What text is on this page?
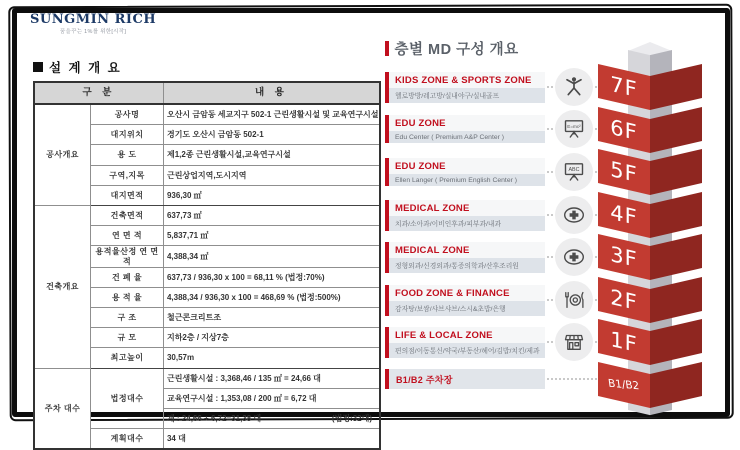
SUNGMIN RICH
꿈을꾸는 1%를 위한[시작]
설 계 개 요
구 분		내 용
공사개요	공사명	오산시 금암동 세교지구 502-1 근린생활시설 및 교육연구시설
	대지위치	경기도 오산시 금암동 502-1
	용 도	제1,2종 근린생활시설,교육연구시설
	구역,지목	근린상업지역,도시지역
	대지면적	936,30 ㎡
건축개요	건축면적	637,73 ㎡
	연 면 적	5,837,71 ㎡
	용적율산정 연 면 적	4,388,34 ㎡
	건 폐 율	637,73 / 936,30 x 100 = 68,11 % (법정:70%)
	용 적 율	4,388,34 / 936,30 x 100 = 468,69 % (법정:500%)
	구 조	철근콘크리트조
	규 모	지하2층 / 지상7층
	최고높이	30,57m
주차 대수	법정대수	근린생활시설 : 3,368,46 / 135 ㎡ = 24,66 대
		교육연구시설 : 1,353,08 / 200 ㎡ = 6,72 대
		계 : 24,66 + 6,72=31,38 대 (법정:32대)

	계획대수	34 대
층별 MD 구성 개요
KIDS ZONE & SPORTS ZONE
헬로방방/레고방/실내야구/실내골프
EDU ZONE
Edu Center ( Premium A&P Center )
E=mc²
EDU ZONE
Ellen Langer ( Premium English Center )
ABC
MEDICAL ZONE
치과/소아과/이비인후과/피부과/내과
MEDICAL ZONE
정형외과/신경외과/통증의학과/산후조리원
FOOD ZONE & FINANCE
감자탕/보쌈/샤브샤브/스시&초밥/은행
LIFE & LOCAL ZONE
편의점/이동통신/약국/부동산/헤어/김밥/치킨/제과
B1/B2 주차장
7F
6F
5F
4F
3F
2F
1F
B1/B2
